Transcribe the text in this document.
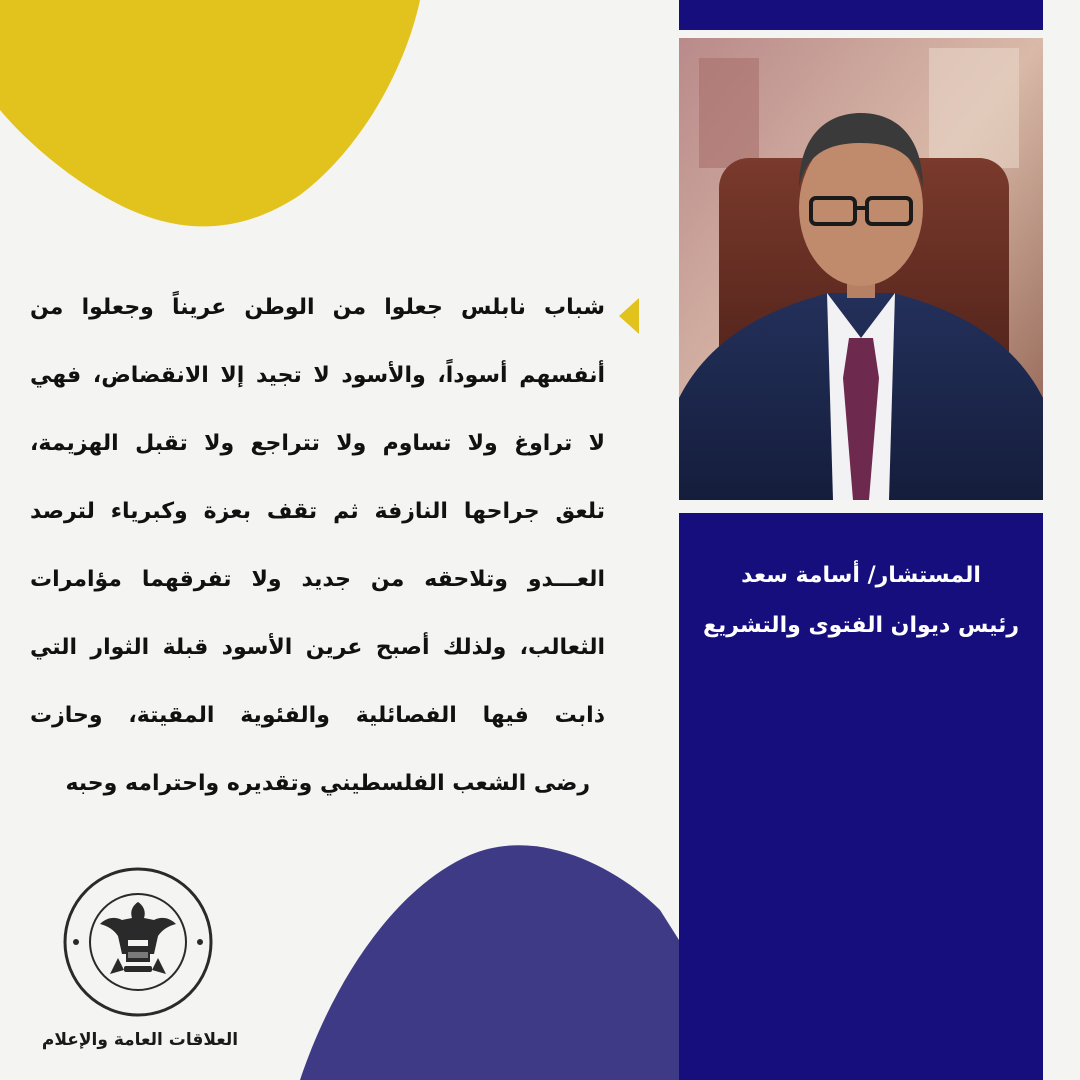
المستشار/ أسامة سعد
رئيس ديوان الفتوى والتشريع
شباب نابلس جعلوا من الوطن عريناً وجعلوا من
أنفسهم أسوداً، والأسود لا تجيد إلا الانقضاض، فهي
لا تراوغ ولا تساوم ولا تتراجع ولا تقبل الهزيمة،
تلعق جراحها النازفة ثم تقف بعزة وكبرياء لترصد
العـــدو وتلاحقه من جديد ولا تفرقهما مؤامرات
الثعالب، ولذلك أصبح عرين الأسود قبلة الثوار التي
ذابت فيها الفصائلية والفئوية المقيتة، وحازت
رضى الشعب الفلسطيني وتقديره واحترامه وحبه
العلاقات العامة والإعلام
